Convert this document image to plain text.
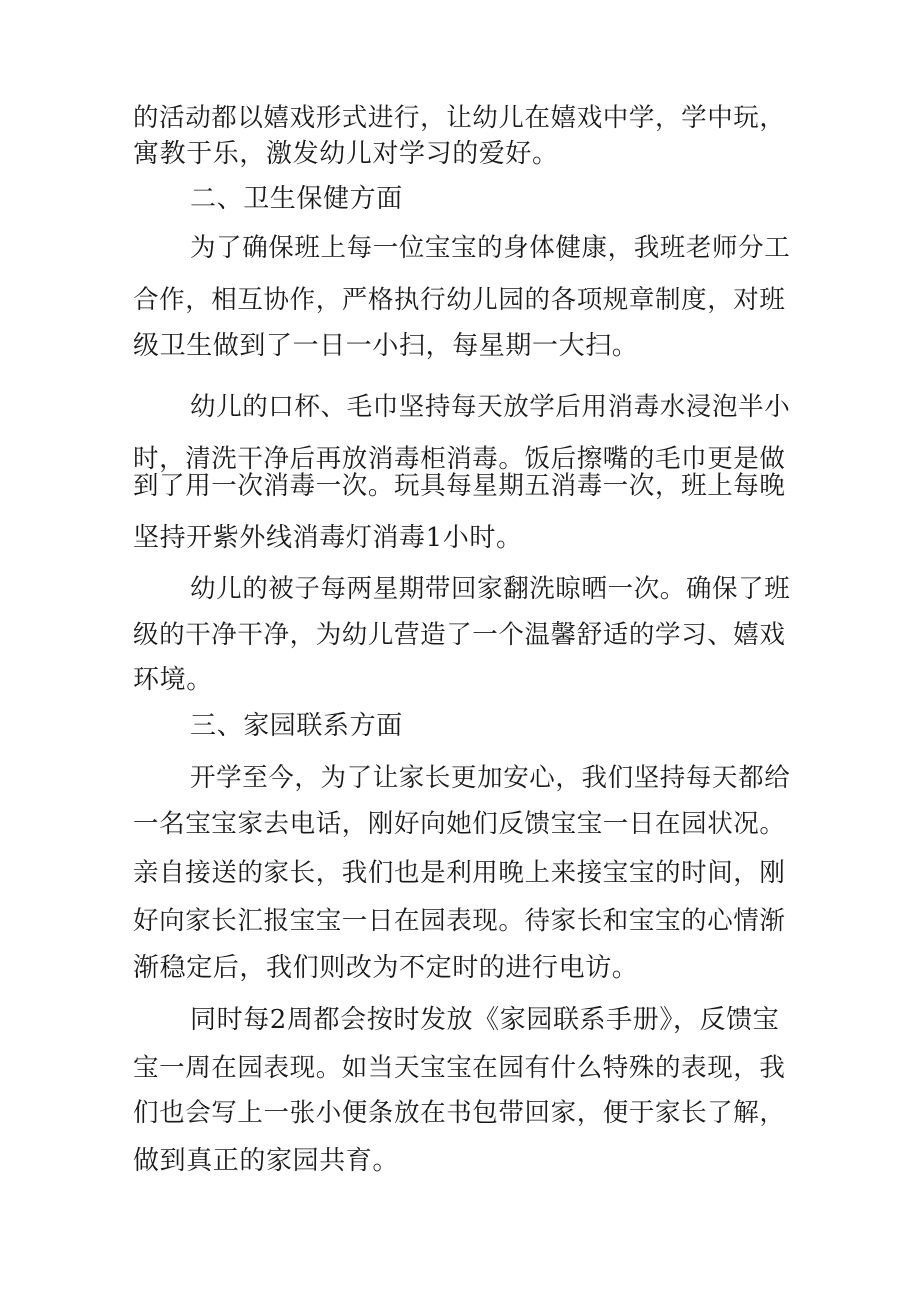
的活动都以嬉戏形式进行，让幼儿在嬉戏中学，学中玩，
寓教于乐，激发幼儿对学习的爱好。
二、卫生保健方面
为了确保班上每一位宝宝的身体健康，我班老师分工
合作，相互协作，严格执行幼儿园的各项规章制度，对班
级卫生做到了一日一小扫，每星期一大扫。
幼儿的口杯、毛巾坚持每天放学后用消毒水浸泡半小
时，清洗干净后再放消毒柜消毒。饭后擦嘴的毛巾更是做
到了用一次消毒一次。玩具每星期五消毒一次，班上每晚
坚持开紫外线消毒灯消毒1小时。
幼儿的被子每两星期带回家翻洗晾晒一次。确保了班
级的干净干净，为幼儿营造了一个温馨舒适的学习、嬉戏
环境。
三、家园联系方面
开学至今，为了让家长更加安心，我们坚持每天都给
一名宝宝家去电话，刚好向她们反馈宝宝一日在园状况。
亲自接送的家长，我们也是利用晚上来接宝宝的时间，刚
好向家长汇报宝宝一日在园表现。待家长和宝宝的心情渐
渐稳定后，我们则改为不定时的进行电访。
同时每2周都会按时发放《家园联系手册》，反馈宝
宝一周在园表现。如当天宝宝在园有什么特殊的表现，我
们也会写上一张小便条放在书包带回家，便于家长了解，
做到真正的家园共育。
